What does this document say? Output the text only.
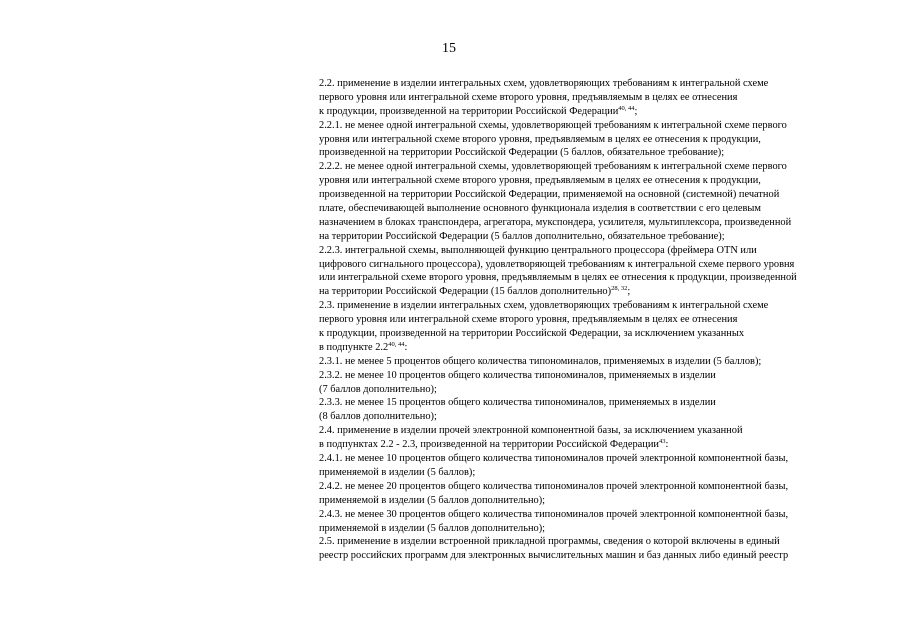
15
2.2. применение в изделии интегральных схем, удовлетворяющих требованиям к интегральной схеме
первого уровня или интегральной схеме второго уровня, предъявляемым в целях ее отнесения
к продукции, произведенной на территории Российской Федерации$^{40, 44}$;
2.2.1. не менее одной интегральной схемы, удовлетворяющей требованиям к интегральной схеме первого
уровня или интегральной схеме второго уровня, предъявляемым в целях ее отнесения к продукции,
произведенной на территории Российской Федерации (5 баллов, обязательное требование);
2.2.2. не менее одной интегральной схемы, удовлетворяющей требованиям к интегральной схеме первого
уровня или интегральной схеме второго уровня, предъявляемым в целях ее отнесения к продукции,
произведенной на территории Российской Федерации, применяемой на основной (системной) печатной
плате, обеспечивающей выполнение основного функционала изделия в соответствии с его целевым
назначением в блоках транспондера, агрегатора, мукспондера, усилителя, мультиплексора, произведенной
на территории Российской Федерации (5 баллов дополнительно, обязательное требование);
2.2.3. интегральной схемы, выполняющей функцию центрального процессора (фреймера OTN или
цифрового сигнального процессора), удовлетворяющей требованиям к интегральной схеме первого уровня
или интегральной схеме второго уровня, предъявляемым в целях ее отнесения к продукции, произведенной
на территории Российской Федерации (15 баллов дополнительно)$^{28, 32}$;
2.3. применение в изделии интегральных схем, удовлетворяющих требованиям к интегральной схеме
первого уровня или интегральной схеме второго уровня, предъявляемым в целях ее отнесения
к продукции, произведенной на территории Российской Федерации, за исключением указанных
в подпункте 2.2$^{40, 44}$:
2.3.1. не менее 5 процентов общего количества типономиналов, применяемых в изделии (5 баллов);
2.3.2. не менее 10 процентов общего количества типономиналов, применяемых в изделии
(7 баллов дополнительно);
2.3.3. не менее 15 процентов общего количества типономиналов, применяемых в изделии
(8 баллов дополнительно);
2.4. применение в изделии прочей электронной компонентной базы, за исключением указанной
в подпунктах 2.2 - 2.3, произведенной на территории Российской Федерации$^{43}$:
2.4.1. не менее 10 процентов общего количества типономиналов прочей электронной компонентной базы,
применяемой в изделии (5 баллов);
2.4.2. не менее 20 процентов общего количества типономиналов прочей электронной компонентной базы,
применяемой в изделии (5 баллов дополнительно);
2.4.3. не менее 30 процентов общего количества типономиналов прочей электронной компонентной базы,
применяемой в изделии (5 баллов дополнительно);
2.5. применение в изделии встроенной прикладной программы, сведения о которой включены в единый
реестр российских программ для электронных вычислительных машин и баз данных либо единый реестр
